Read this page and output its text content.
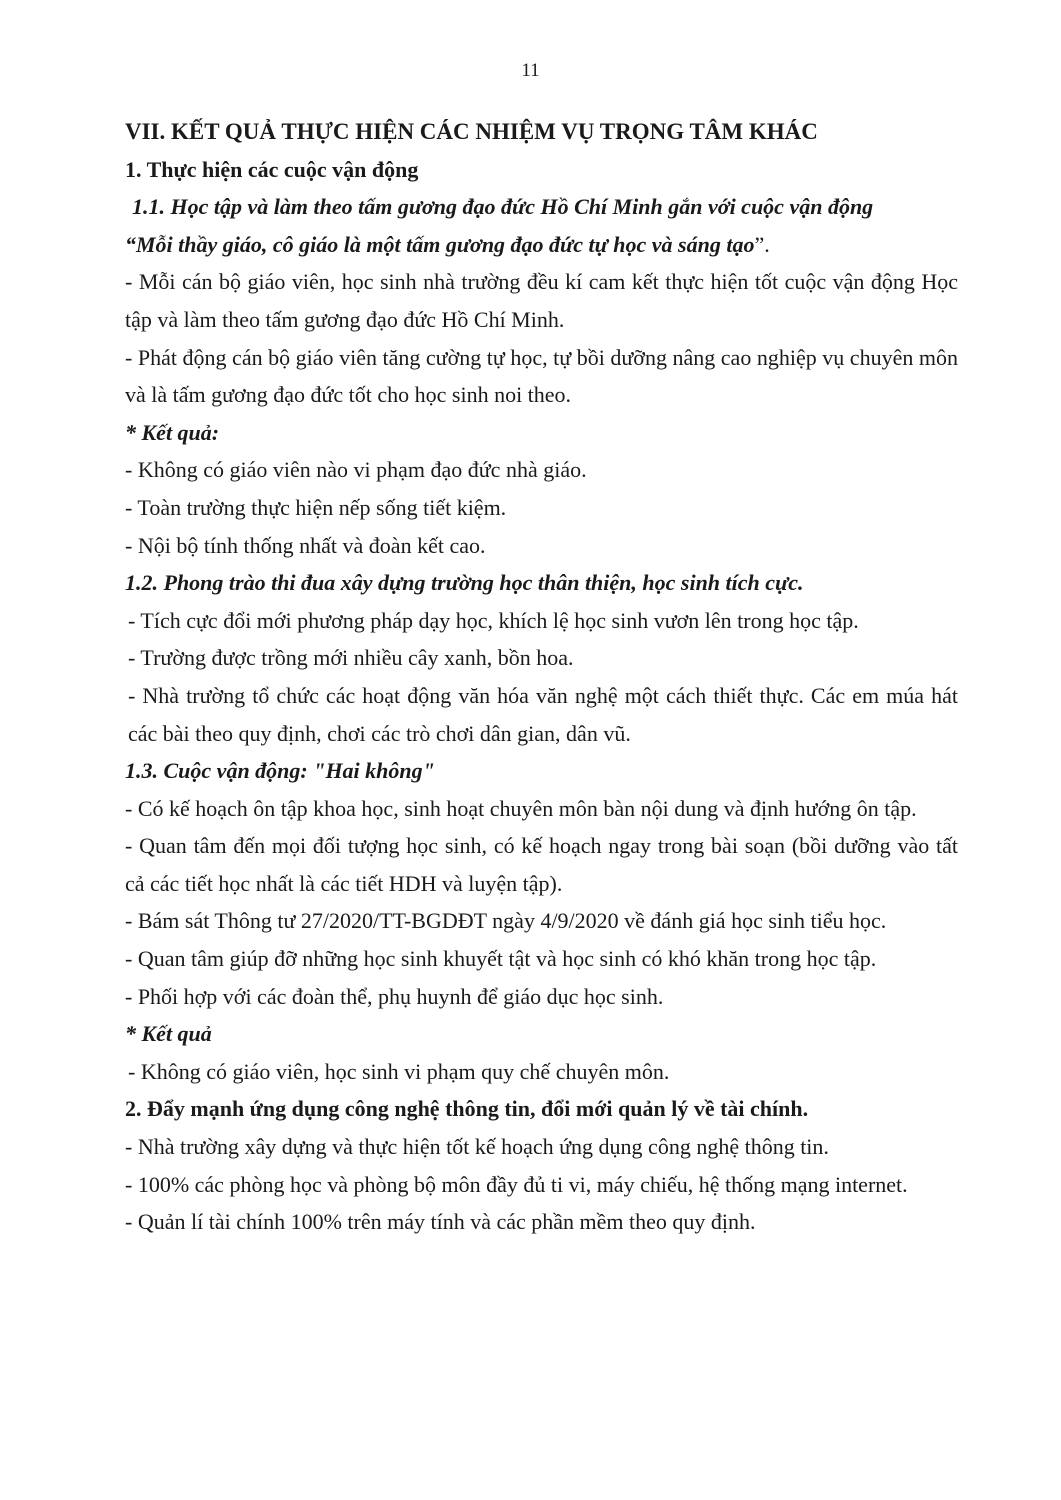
11
VII. KẾT QUẢ THỰC HIỆN CÁC NHIỆM VỤ TRỌNG TÂM KHÁC
1. Thực hiện các cuộc vận động
1.1. Học tập và làm theo tấm gương đạo đức Hồ Chí Minh gắn với cuộc vận động
“Mỗi thầy giáo, cô giáo là một tấm gương đạo đức tự học và sáng tạo”.
- Mỗi cán bộ giáo viên, học sinh nhà trường đều kí cam kết thực hiện tốt cuộc vận động Học tập và làm theo tấm gương đạo đức Hồ Chí Minh.
- Phát động cán bộ giáo viên tăng cường tự học, tự bồi dưỡng nâng cao nghiệp vụ chuyên môn và là tấm gương đạo đức tốt cho học sinh noi theo.
* Kết quả:
- Không có giáo viên nào vi phạm đạo đức nhà giáo.
- Toàn trường thực hiện nếp sống tiết kiệm.
- Nội bộ tính thống nhất và đoàn kết cao.
1.2. Phong trào thi đua xây dựng trường học thân thiện, học sinh tích cực.
- Tích cực đổi mới phương pháp dạy học, khích lệ học sinh vươn lên trong học tập.
- Trường được trồng mới nhiều cây xanh, bồn hoa.
- Nhà trường tổ chức các hoạt động văn hóa văn nghệ một cách thiết thực. Các em múa hát các bài theo quy định, chơi các trò chơi dân gian, dân vũ.
1.3. Cuộc vận động: "Hai không"
- Có kế hoạch ôn tập khoa học, sinh hoạt chuyên môn bàn nội dung và định hướng ôn tập.
- Quan tâm đến mọi đối tượng học sinh, có kế hoạch ngay trong bài soạn (bồi dưỡng vào tất cả các tiết học nhất là các tiết HDH và luyện tập).
- Bám sát Thông tư 27/2020/TT-BGDĐT ngày 4/9/2020 về đánh giá học sinh tiểu học.
- Quan tâm giúp đỡ những học sinh khuyết tật và học sinh có khó khăn trong học tập.
- Phối hợp với các đoàn thể, phụ huynh để giáo dục học sinh.
* Kết quả
- Không có giáo viên, học sinh vi phạm quy chế chuyên môn.
2. Đẩy mạnh ứng dụng công nghệ thông tin, đổi mới quản lý về tài chính.
- Nhà trường xây dựng và thực hiện tốt kế hoạch ứng dụng công nghệ thông tin.
- 100% các phòng học và phòng bộ môn đầy đủ ti vi, máy chiếu, hệ thống mạng internet.
- Quản lí tài chính 100% trên máy tính và các phần mềm theo quy định.
